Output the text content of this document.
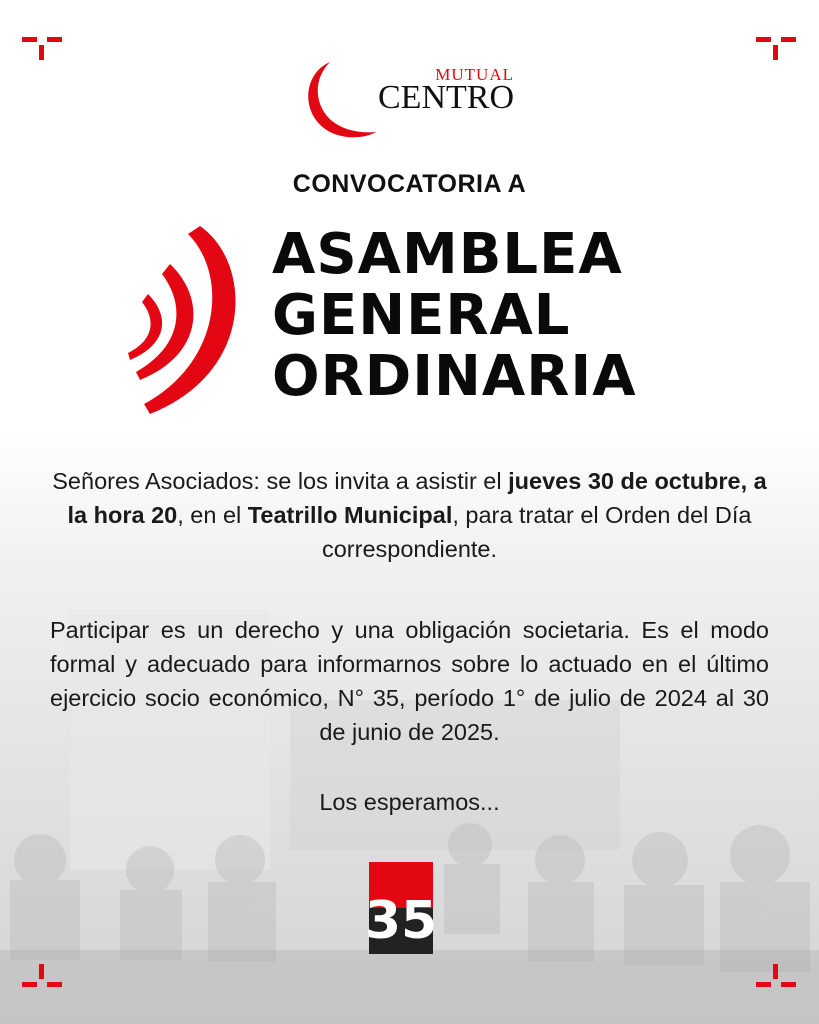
MUTUAL
CENTRO
CONVOCATORIA A
ASAMBLEA
GENERAL
ORDINARIA
Señores Asociados: se los invita a asistir el jueves 30 de octubre, a la hora 20, en el Teatrillo Municipal, para tratar el Orden del Día correspondiente.
Participar es un derecho y una obligación societaria. Es el modo formal y adecuado para informarnos sobre lo actuado en el último ejercicio socio económico, N° 35, período 1° de julio de 2024 al 30 de junio de 2025.
Los esperamos...
35
